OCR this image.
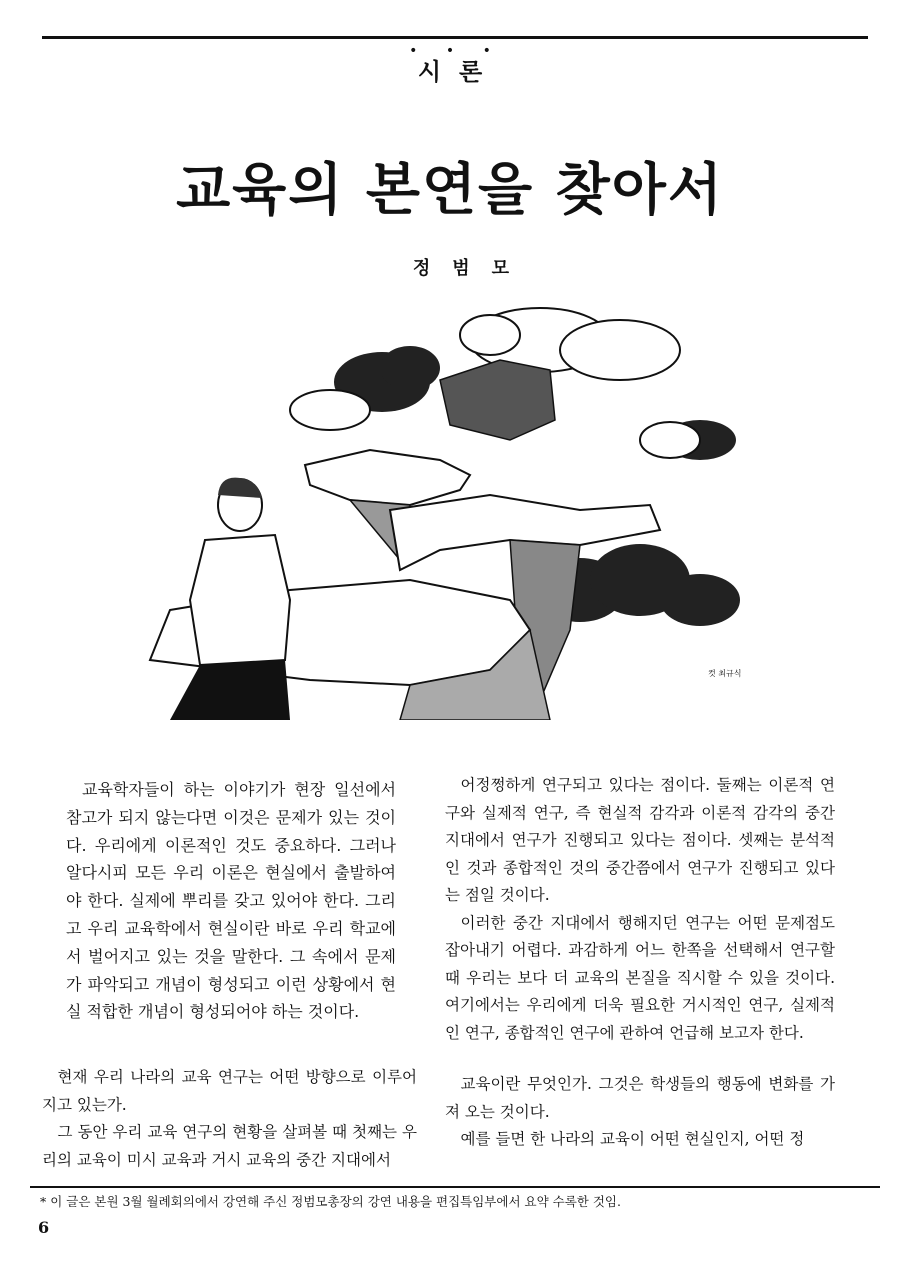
• • •
시론
교육의 본연을 찾아서
정범모
컷 최규식

교육학자들이 하는 이야기가 현장 일선에서 참고가 되지 않는다면 이것은 문제가 있는 것이다. 우리에게 이론적인 것도 중요하다. 그러나 알다시피 모든 우리 이론은 현실에서 출발하여야 한다. 실제에 뿌리를 갖고 있어야 한다. 그리고 우리 교육학에서 현실이란 바로 우리 학교에서 벌어지고 있는 것을 말한다. 그 속에서 문제가 파악되고 개념이 형성되고 이런 상황에서 현실 적합한 개념이 형성되어야 하는 것이다.

현재 우리 나라의 교육 연구는 어떤 방향으로 이루어지고 있는가.

그 동안 우리 교육 연구의 현황을 살펴볼 때 첫째는 우리의 교육이 미시 교육과 거시 교육의 중간 지대에서

어정쩡하게 연구되고 있다는 점이다. 둘째는 이론적 연구와 실제적 연구, 즉 현실적 감각과 이론적 감각의 중간 지대에서 연구가 진행되고 있다는 점이다. 셋째는 분석적인 것과 종합적인 것의 중간쯤에서 연구가 진행되고 있다는 점일 것이다.

이러한 중간 지대에서 행해지던 연구는 어떤 문제점도 잡아내기 어렵다. 과감하게 어느 한쪽을 선택해서 연구할 때 우리는 보다 더 교육의 본질을 직시할 수 있을 것이다. 여기에서는 우리에게 더욱 필요한 거시적인 연구, 실제적인 연구, 종합적인 연구에 관하여 언급해 보고자 한다.

교육이란 무엇인가. 그것은 학생들의 행동에 변화를 가져 오는 것이다.

예를 들면 한 나라의 교육이 어떤 현실인지, 어떤 정

* 이 글은 본원 3월 월례회의에서 강연해 주신 정범모총장의 강연 내용을 편집특임부에서 요약 수록한 것임.
6
